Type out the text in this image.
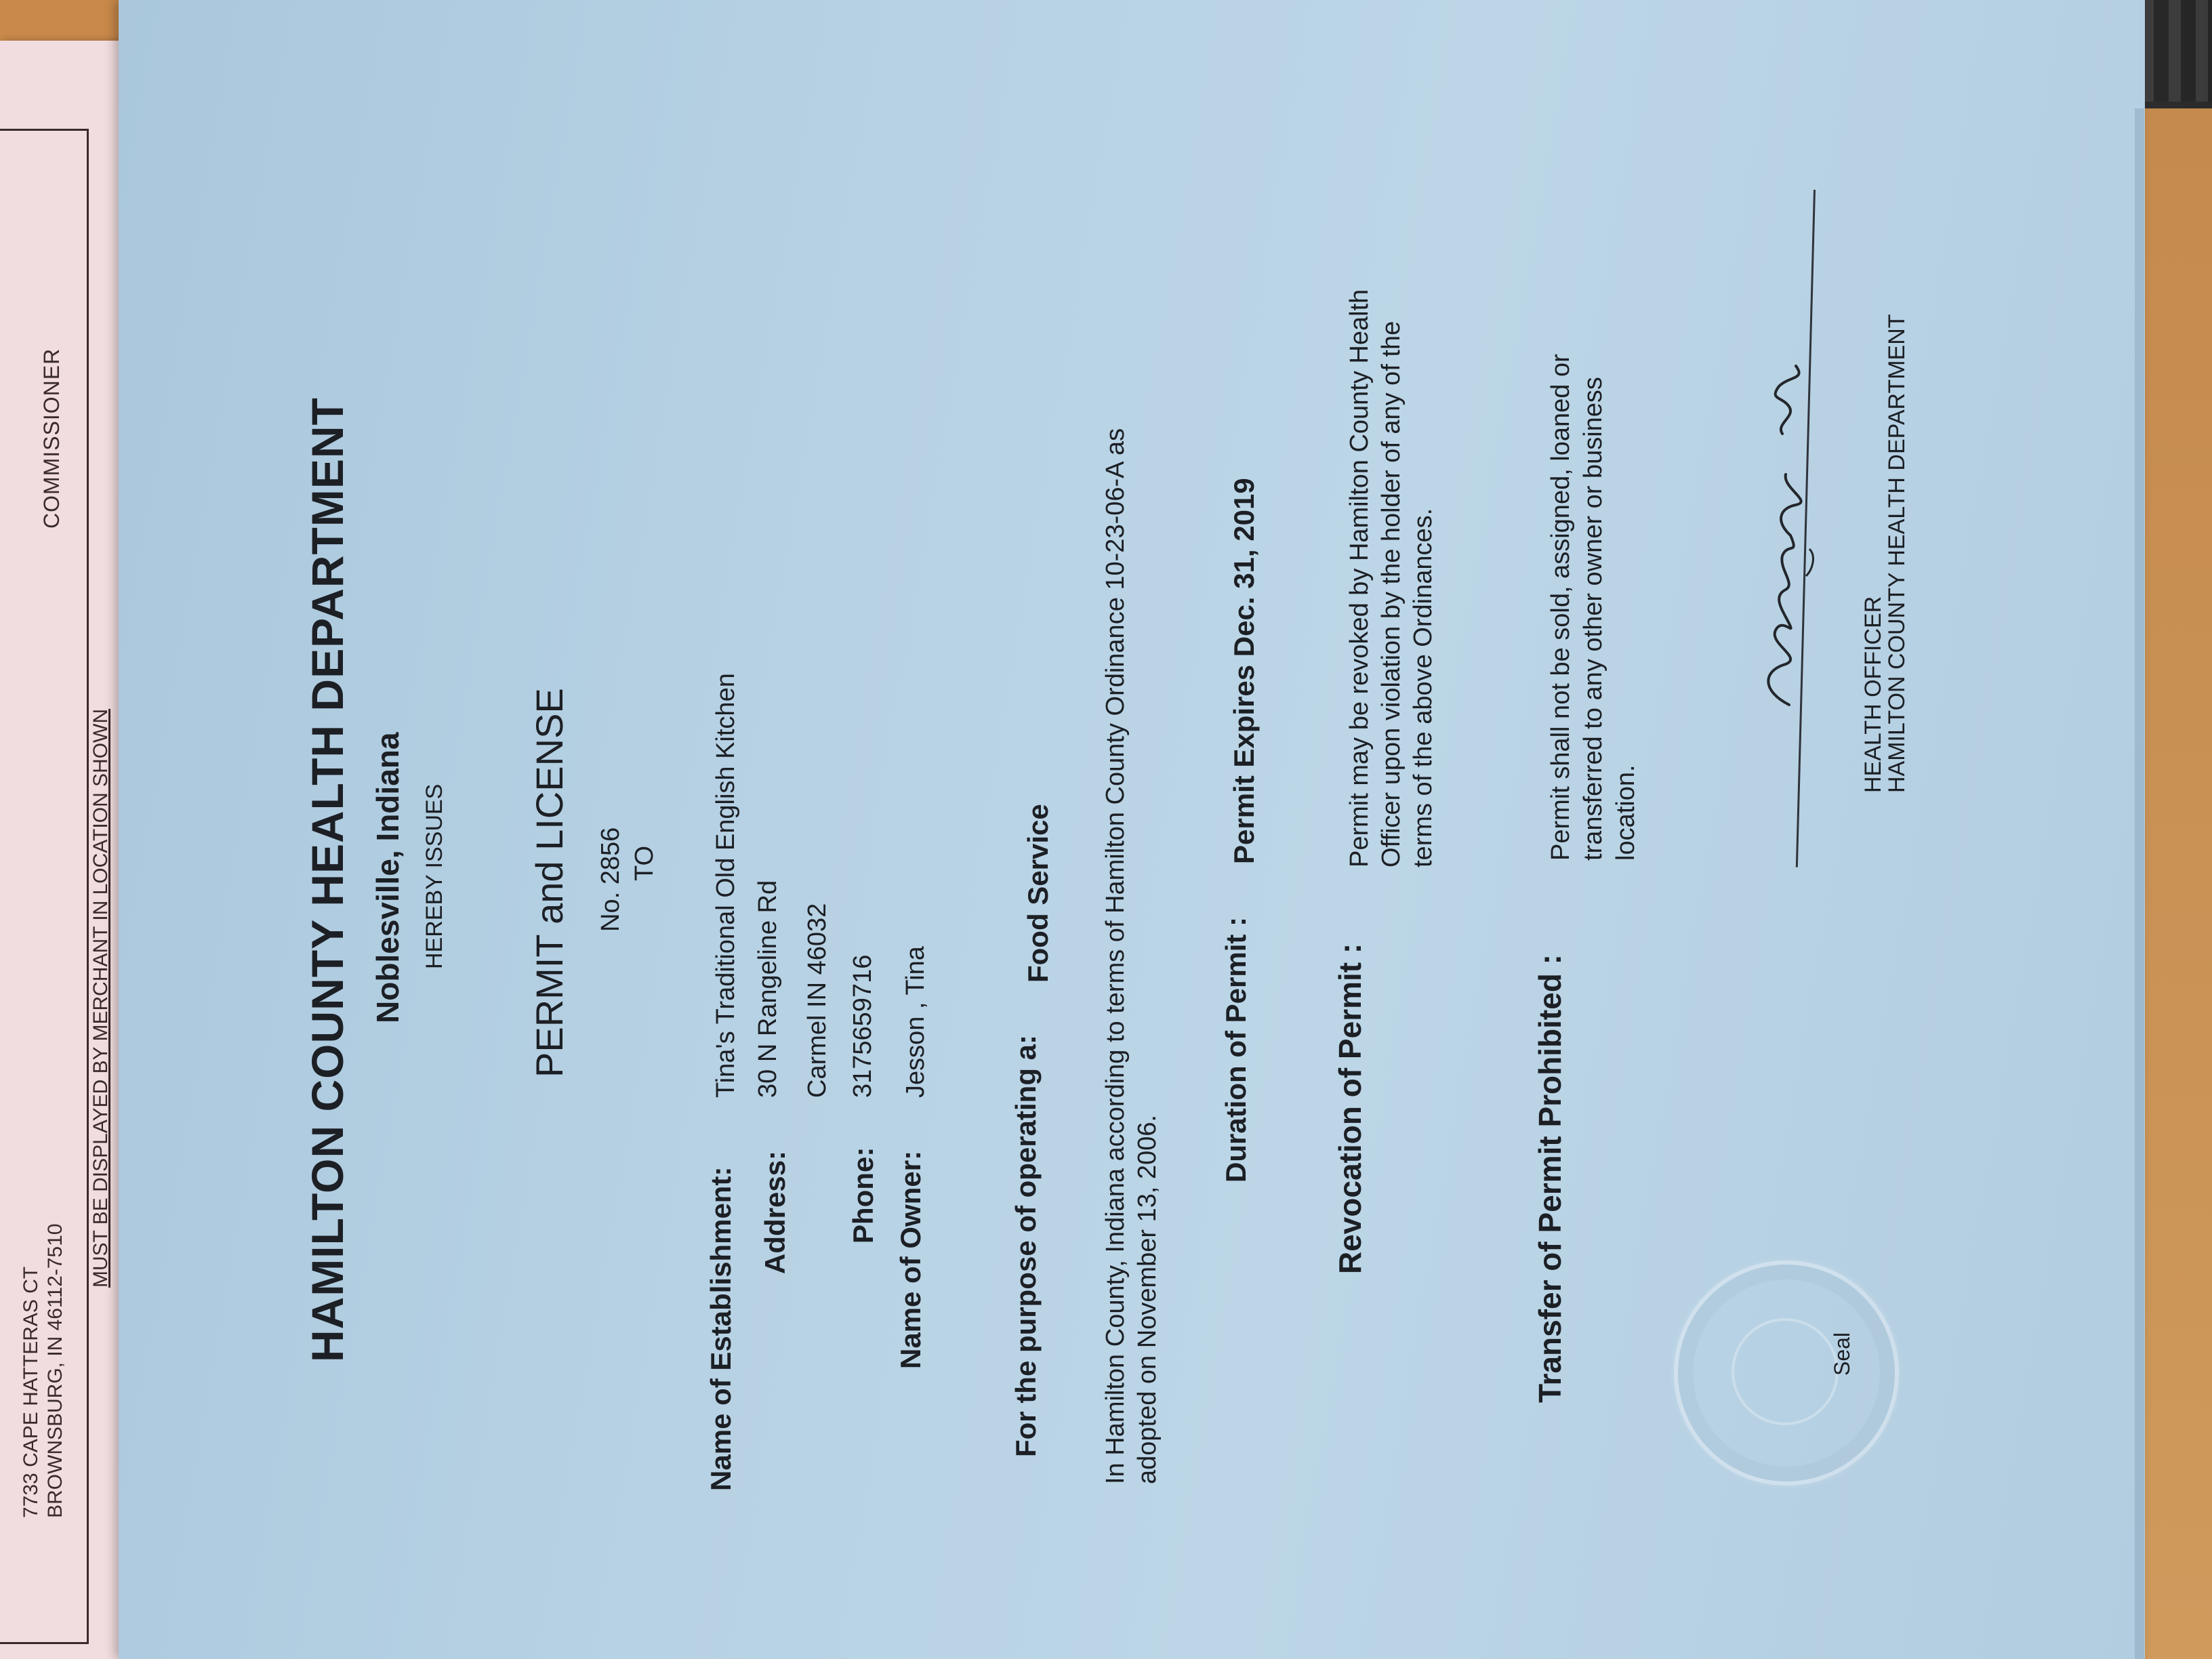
7733 CAPE HATTERAS CT BROWNSBURG, IN 46112-7510
MUST BE DISPLAYED BY MERCHANT IN LOCATION SHOWN
COMMISSIONER	HAMILTON COUNTY HEALTH DEPARTMENT Noblesville, Indiana HEREBY ISSUES PERMIT and LICENSE No. 2856 TO
Name of Establishment:
Tina's Traditional Old English Kitchen
Address:
30 N Rangeline Rd Carmel IN 46032
Phone:
3175659716
Name of Owner:
Jesson , Tina
For the purpose of operating a:
Food Service In Hamilton County, Indiana according to terms of Hamilton County Ordinance 10-23-06-A as adopted on November 13, 2006.
Duration of Permit :
Permit Expires Dec. 31, 2019
Revocation of Permit :
Permit may be revoked by Hamilton County Health Officer upon violation by the holder of any of the terms of the above Ordinances.
Transfer of Permit Prohibited :
Permit shall not be sold, assigned, loaned or transferred to any other owner or business location.
HEALTH OFFICER
HAMILTON COUNTY HEALTH DEPARTMENT
Seal
